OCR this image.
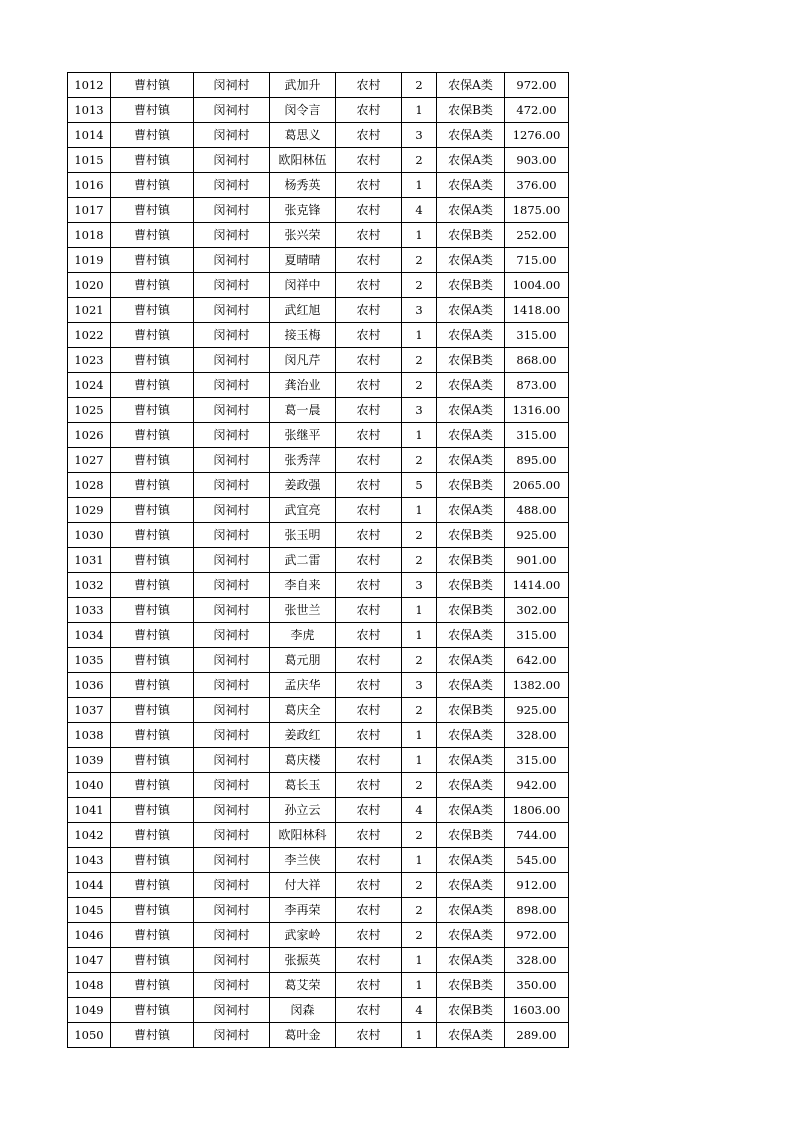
1012	曹村镇	闵祠村	武加升	农村	2	农保A类	972.00
1013	曹村镇	闵祠村	闵令言	农村	1	农保B类	472.00
1014	曹村镇	闵祠村	葛思义	农村	3	农保A类	1276.00
1015	曹村镇	闵祠村	欧阳林伍	农村	2	农保A类	903.00
1016	曹村镇	闵祠村	杨秀英	农村	1	农保A类	376.00
1017	曹村镇	闵祠村	张克锋	农村	4	农保A类	1875.00
1018	曹村镇	闵祠村	张兴荣	农村	1	农保B类	252.00
1019	曹村镇	闵祠村	夏晴晴	农村	2	农保A类	715.00
1020	曹村镇	闵祠村	闵祥中	农村	2	农保B类	1004.00
1021	曹村镇	闵祠村	武红旭	农村	3	农保A类	1418.00
1022	曹村镇	闵祠村	接玉梅	农村	1	农保A类	315.00
1023	曹村镇	闵祠村	闵凡芹	农村	2	农保B类	868.00
1024	曹村镇	闵祠村	龚治业	农村	2	农保A类	873.00
1025	曹村镇	闵祠村	葛一晨	农村	3	农保A类	1316.00
1026	曹村镇	闵祠村	张继平	农村	1	农保A类	315.00
1027	曹村镇	闵祠村	张秀萍	农村	2	农保A类	895.00
1028	曹村镇	闵祠村	姜政强	农村	5	农保B类	2065.00
1029	曹村镇	闵祠村	武宜亮	农村	1	农保A类	488.00
1030	曹村镇	闵祠村	张玉明	农村	2	农保B类	925.00
1031	曹村镇	闵祠村	武二雷	农村	2	农保B类	901.00
1032	曹村镇	闵祠村	李自来	农村	3	农保B类	1414.00
1033	曹村镇	闵祠村	张世兰	农村	1	农保B类	302.00
1034	曹村镇	闵祠村	李虎	农村	1	农保A类	315.00
1035	曹村镇	闵祠村	葛元朋	农村	2	农保A类	642.00
1036	曹村镇	闵祠村	孟庆华	农村	3	农保A类	1382.00
1037	曹村镇	闵祠村	葛庆全	农村	2	农保B类	925.00
1038	曹村镇	闵祠村	姜政红	农村	1	农保A类	328.00
1039	曹村镇	闵祠村	葛庆楼	农村	1	农保A类	315.00
1040	曹村镇	闵祠村	葛长玉	农村	2	农保A类	942.00
1041	曹村镇	闵祠村	孙立云	农村	4	农保A类	1806.00
1042	曹村镇	闵祠村	欧阳林科	农村	2	农保B类	744.00
1043	曹村镇	闵祠村	李兰侠	农村	1	农保A类	545.00
1044	曹村镇	闵祠村	付大祥	农村	2	农保A类	912.00
1045	曹村镇	闵祠村	李再荣	农村	2	农保A类	898.00
1046	曹村镇	闵祠村	武家岭	农村	2	农保A类	972.00
1047	曹村镇	闵祠村	张振英	农村	1	农保A类	328.00
1048	曹村镇	闵祠村	葛艾荣	农村	1	农保B类	350.00
1049	曹村镇	闵祠村	闵森	农村	4	农保B类	1603.00
1050	曹村镇	闵祠村	葛叶金	农村	1	农保A类	289.00
